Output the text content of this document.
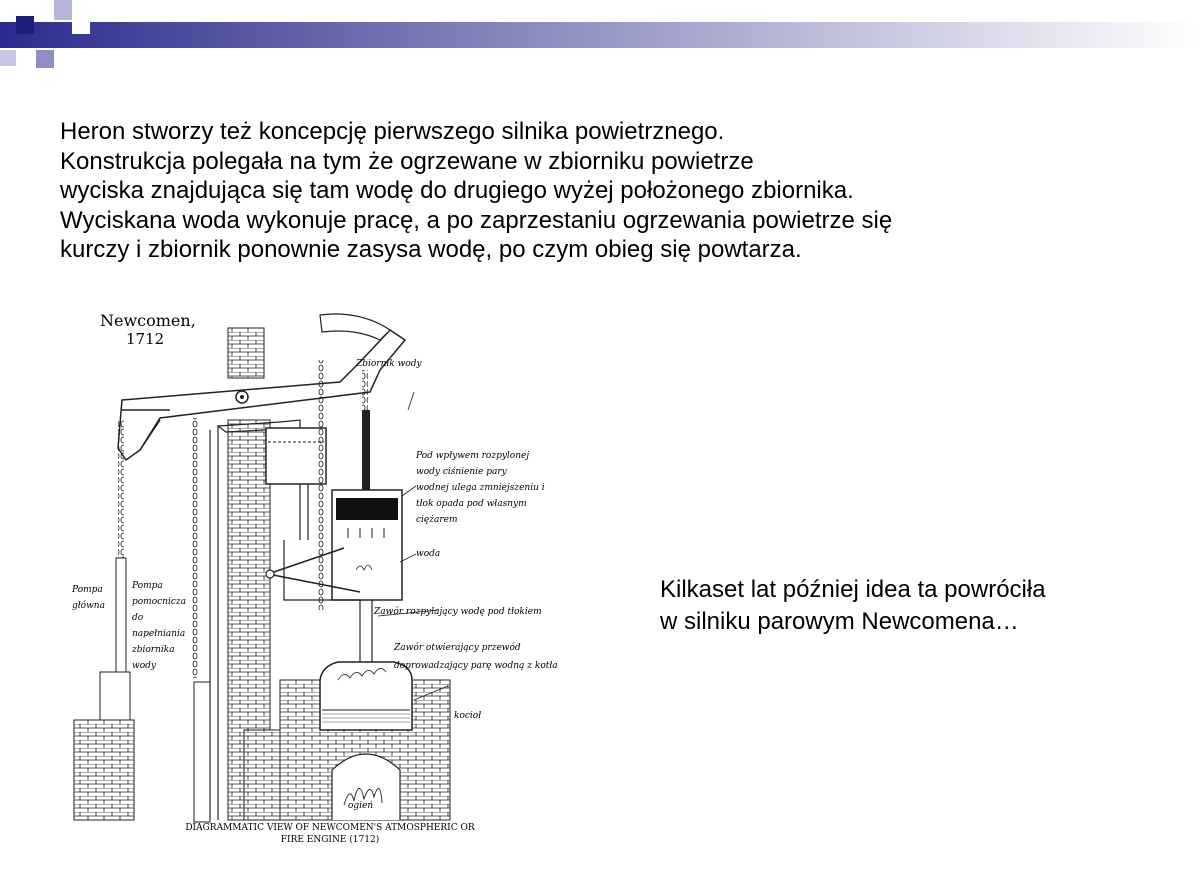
Heron stworzy też koncepcję pierwszego silnika powietrznego.
Konstrukcja polegała na tym że ogrzewane w zbiorniku powietrze
wyciska znajdująca się tam wodę do drugiego wyżej położonego zbiornika.
Wyciskana woda wykonuje pracę, a po zaprzestaniu ogrzewania powietrze się
kurczy i zbiornik ponownie zasysa wodę, po czym obieg się powtarza.
Newcomen,
1712
Zbiornik wody
Pod wpływem rozpylonej
wody ciśnienie pary
wodnej ulega zmniejszeniu i
tłok opada pod własnym
ciężarem
woda
Zawór rozpylający wodę pod tłokiem
Zawór otwierający przewód
doprowadzający parę wodną z kotła
kocioł
ogień
Pompa
główna
Pompa
pomocnicza
do
napełniania
zbiornika
wody
DIAGRAMMATIC VIEW OF NEWCOMEN'S ATMOSPHERIC OR
FIRE ENGINE (1712)
Kilkaset lat później idea ta powróciła
w silniku parowym Newcomena…
